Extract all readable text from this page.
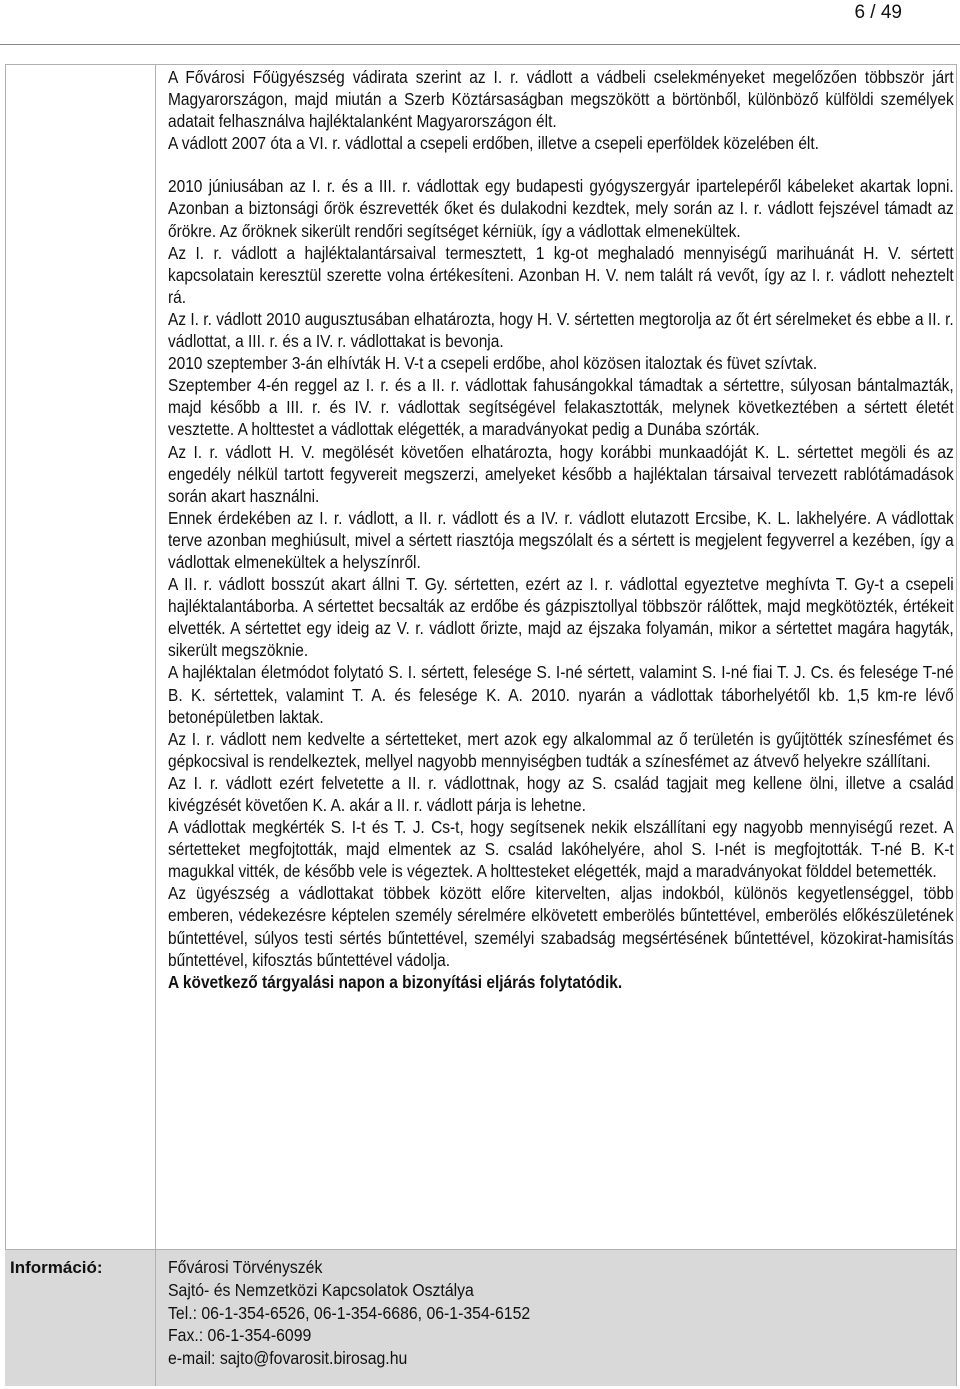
6 / 49
Információ:

A Fővárosi Főügyészség vádirata szerint az I. r. vádlott a vádbeli cselekményeket megelőzően többször járt Magyarországon, majd miután a Szerb Köztársaságban megszökött a börtönből, különböző külföldi személyek adatait felhasználva hajléktalanként Magyarországon élt.

A vádlott 2007 óta a VI. r. vádlottal a csepeli erdőben, illetve a csepeli eperföldek közelében élt.

2010 júniusában az I. r. és a III. r. vádlottak egy budapesti gyógyszergyár ipartelepéről kábeleket akartak lopni. Azonban a biztonsági őrök észrevették őket és dulakodni kezdtek, mely során az I. r. vádlott fejszével támadt az őrökre. Az őröknek sikerült rendőri segítséget kérniük, így a vádlottak elmenekültek.

Az I. r. vádlott a hajléktalantársaival termesztett, 1 kg-ot meghaladó mennyiségű marihuánát H. V. sértett kapcsolatain keresztül szerette volna értékesíteni. Azonban H. V. nem talált rá vevőt, így az I. r. vádlott neheztelt rá.

Az I. r. vádlott 2010 augusztusában elhatározta, hogy H. V. sértetten megtorolja az őt ért sérelmeket és ebbe a II. r. vádlottat, a III. r. és a IV. r. vádlottakat is bevonja.

2010 szeptember 3-án elhívták H. V-t a csepeli erdőbe, ahol közösen italoztak és füvet szívtak.

Szeptember 4-én reggel az I. r. és a II. r. vádlottak fahusángokkal támadtak a sértettre, súlyosan bántalmazták, majd később a III. r. és IV. r. vádlottak segítségével felakasztották, melynek következtében a sértett életét vesztette. A holttestet a vádlottak elégették, a maradványokat pedig a Dunába szórták.

Az I. r. vádlott H. V. megölését követően elhatározta, hogy korábbi munkaadóját K. L. sértettet megöli és az engedély nélkül tartott fegyvereit megszerzi, amelyeket később a hajléktalan társaival tervezett rablótámadások során akart használni.

Ennek érdekében az I. r. vádlott, a II. r. vádlott és a IV. r. vádlott elutazott Ercsibe, K. L. lakhelyére. A vádlottak terve azonban meghiúsult, mivel a sértett riasztója megszólalt és a sértett is megjelent fegyverrel a kezében, így a vádlottak elmenekültek a helyszínről.

A II. r. vádlott bosszút akart állni T. Gy. sértetten, ezért az I. r. vádlottal egyeztetve meghívta T. Gy-t a csepeli hajléktalantáborba. A sértettet becsalták az erdőbe és gázpisztollyal többször rálőttek, majd megkötözték, értékeit elvették. A sértettet egy ideig az V. r. vádlott őrizte, majd az éjszaka folyamán, mikor a sértettet magára hagyták, sikerült megszöknie.

A hajléktalan életmódot folytató S. I. sértett, felesége S. I-né sértett, valamint S. I-né fiai T. J. Cs. és felesége T-né B. K. sértettek, valamint T. A. és felesége K. A. 2010. nyarán a vádlottak táborhelyétől kb. 1,5 km-re lévő betonépületben laktak.

Az I. r. vádlott nem kedvelte a sértetteket, mert azok egy alkalommal az ő területén is gyűjtötték színesfémet és gépkocsival is rendelkeztek, mellyel nagyobb mennyiségben tudták a színesfémet az átvevő helyekre szállítani.

Az I. r. vádlott ezért felvetette a II. r. vádlottnak, hogy az S. család tagjait meg kellene ölni, illetve a család kivégzését követően K. A. akár a II. r. vádlott párja is lehetne.

A vádlottak megkérték S. I-t és T. J. Cs-t, hogy segítsenek nekik elszállítani egy nagyobb mennyiségű rezet. A sértetteket megfojtották, majd elmentek az S. család lakóhelyére, ahol S. I-nét is megfojtották. T-né B. K-t magukkal vitték, de később vele is végeztek. A holttesteket elégették, majd a maradványokat földdel betemették.

Az ügyészség a vádlottakat többek között előre kitervelten, aljas indokból, különös kegyetlenséggel, több emberen, védekezésre képtelen személy sérelmére elkövetett emberölés bűntettével, emberölés előkészületének bűntettével, súlyos testi sértés bűntettével, személyi szabadság megsértésének bűntettével, közokirat-hamisítás bűntettével, kifosztás bűntettével vádolja.

A következő tárgyalási napon a bizonyítási eljárás folytatódik.

Fővárosi Törvényszék

Sajtó- és Nemzetközi Kapcsolatok Osztálya

Tel.: 06-1-354-6526, 06-1-354-6686, 06-1-354-6152

Fax.: 06-1-354-6099

e-mail: sajto@fovarosit.birosag.hu
